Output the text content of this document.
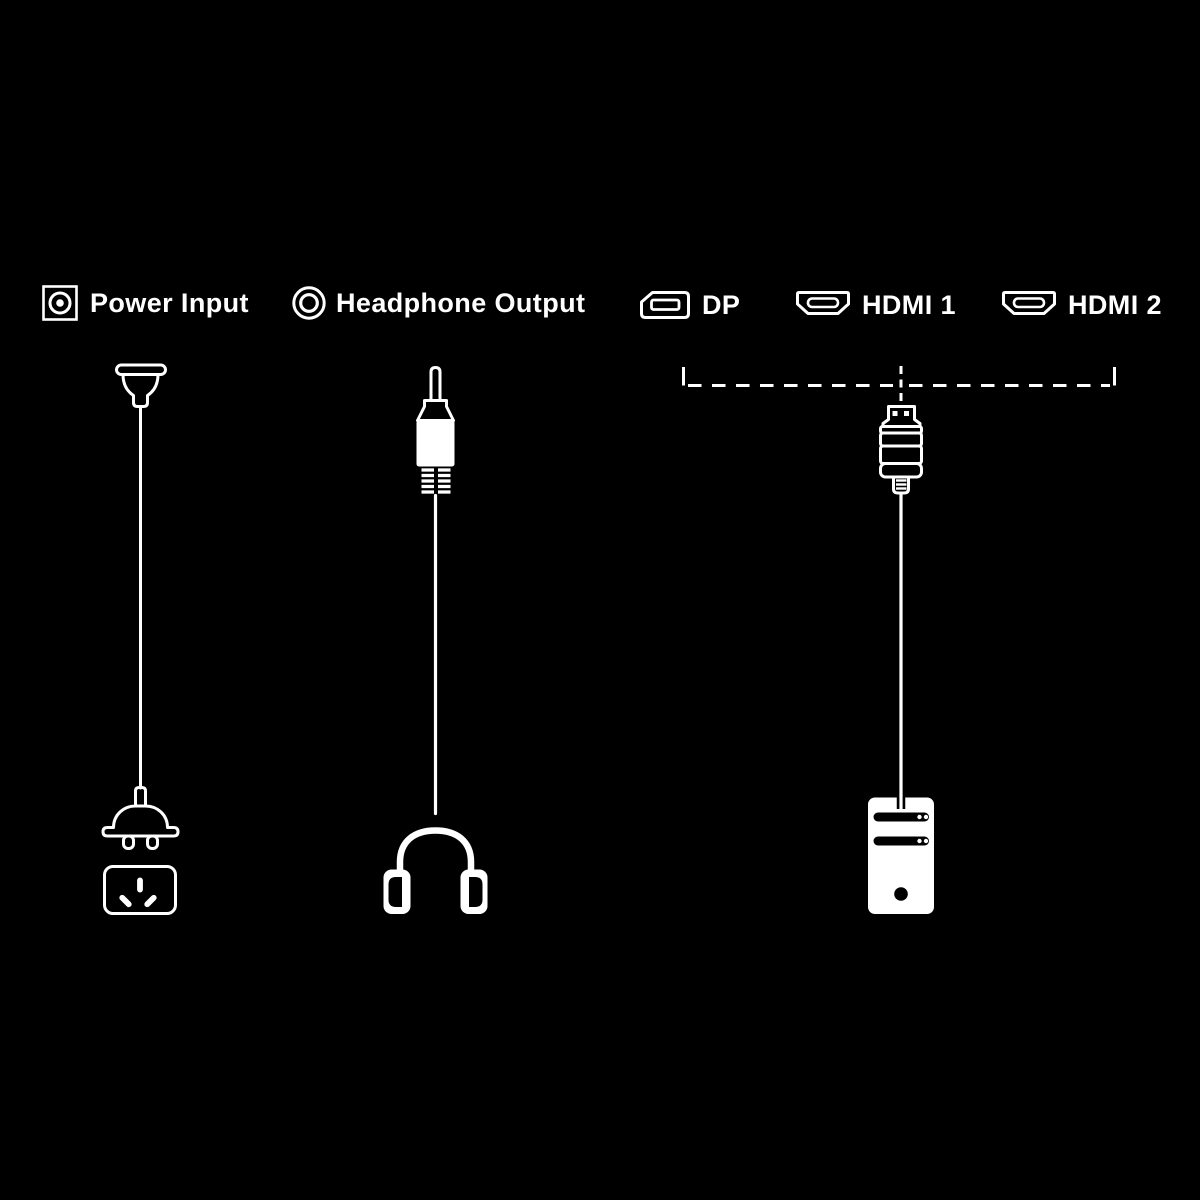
Power Input	Headphone Output	DP	HDMI 1	HDMI 2
